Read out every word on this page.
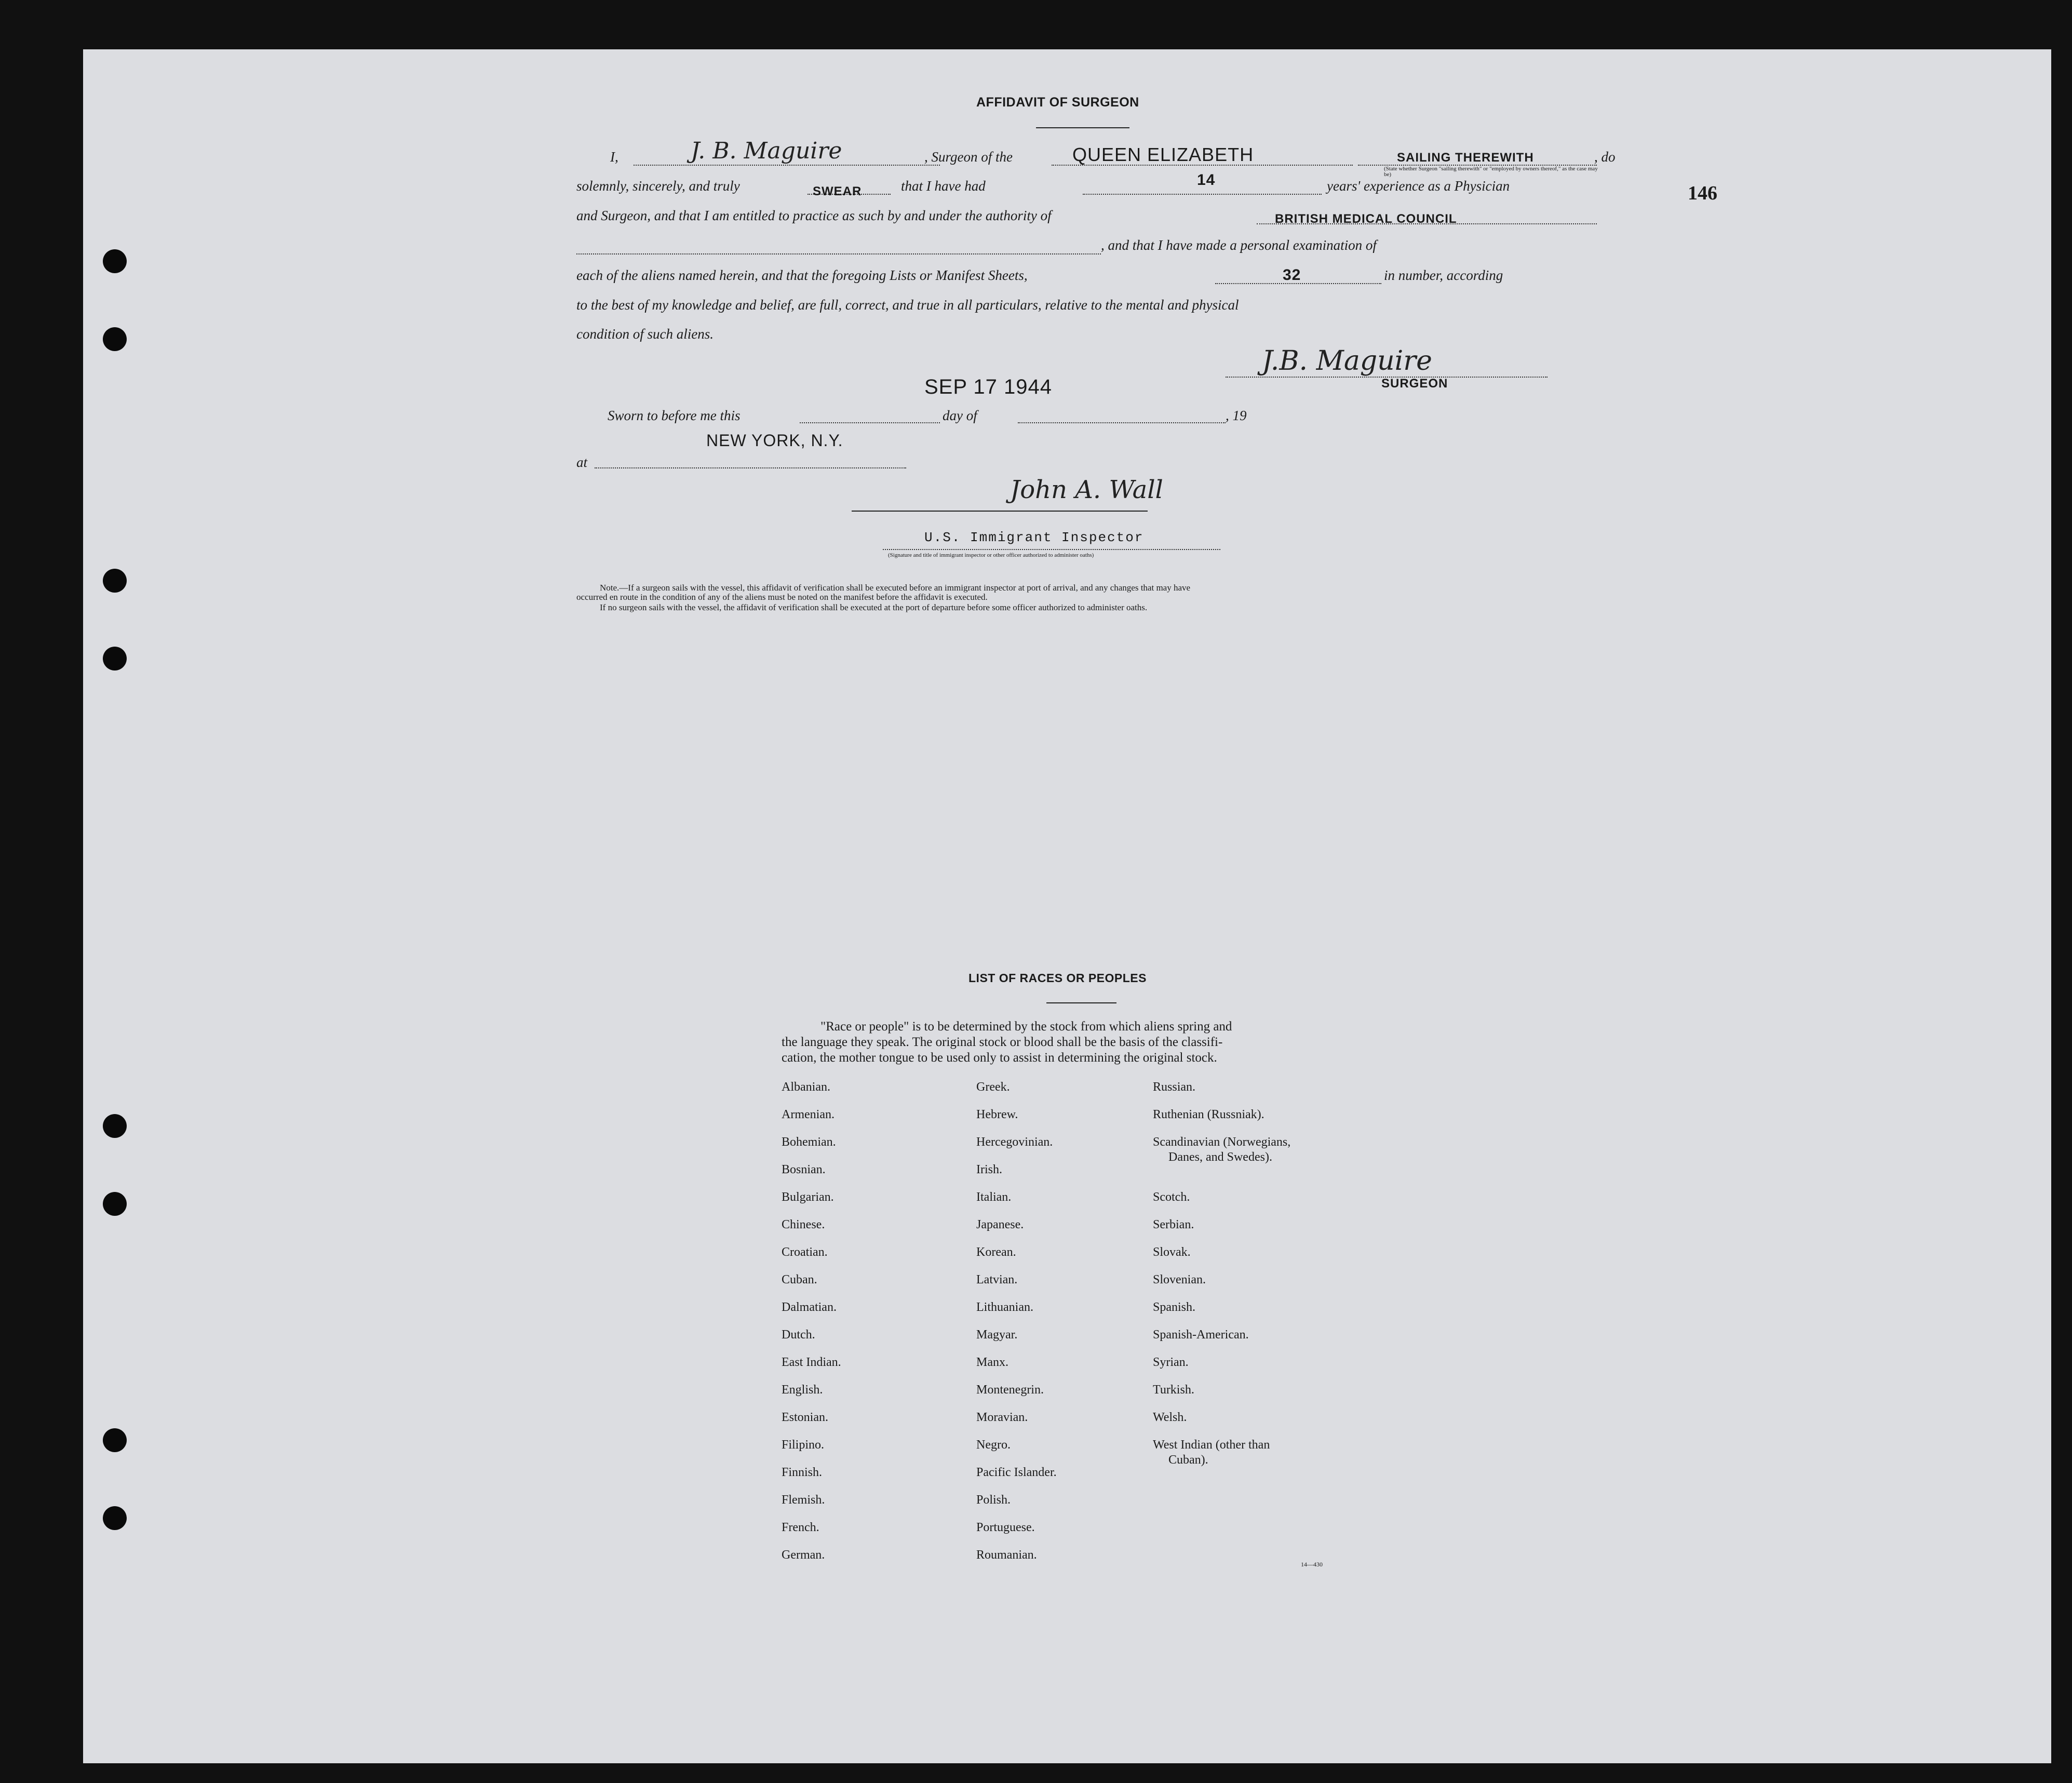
146
AFFIDAVIT OF SURGEON
I,	J. B. Maguire	, Surgeon of the	QUEEN ELIZABETH	SAILING THEREWITH
(State whether Surgeon "sailing therewith" or "employed by owners thereof," as the case may be)
, do
solemnly, sincerely, and truly	SWEAR	that I have had	14	years' experience as a Physician
and Surgeon, and that I am entitled to practice as such by and under the authority of	BRITISH MEDICAL COUNCIL
, and that I have made a personal examination of
each of the aliens named herein, and that the foregoing Lists or Manifest Sheets,	32	in number, according
to the best of my knowledge and belief, are full, correct, and true in all particulars, relative to the mental and physical
condition of such aliens.
J.B. Maguire
SURGEON
SEP 17 1944
Sworn to before me this	day of	, 19
NEW YORK, N.Y.
at
John A. Wall
U.S. Immigrant Inspector
(Signature and title of immigrant inspector or other officer authorized to administer oaths)
Note.—If a surgeon sails with the vessel, this affidavit of verification shall be executed before an immigrant inspector at port of arrival, and any changes that may have
occurred en route in the condition of any of the aliens must be noted on the manifest before the affidavit is executed.
If no surgeon sails with the vessel, the affidavit of verification shall be executed at the port of departure before some officer authorized to administer oaths.
LIST OF RACES OR PEOPLES
"Race or people" is to be determined by the stock from which aliens spring and
the language they speak. The original stock or blood shall be the basis of the classifi-
cation, the mother tongue to be used only to assist in determining the original stock.
Albanian.
Armenian.
Bohemian.
Bosnian.
Bulgarian.
Chinese.
Croatian.
Cuban.
Dalmatian.
Dutch.
East Indian.
English.
Estonian.
Filipino.
Finnish.
Flemish.
French.
German.
Greek.
Hebrew.
Hercegovinian.
Irish.
Italian.
Japanese.
Korean.
Latvian.
Lithuanian.
Magyar.
Manx.
Montenegrin.
Moravian.
Negro.
Pacific Islander.
Polish.
Portuguese.
Roumanian.
Russian.
Ruthenian (Russniak).
Scandinavian (Norwegians,
Danes, and Swedes).
Scotch.
Serbian.
Slovak.
Slovenian.
Spanish.
Spanish-American.
Syrian.
Turkish.
Welsh.
West Indian (other than
Cuban).
14—430
